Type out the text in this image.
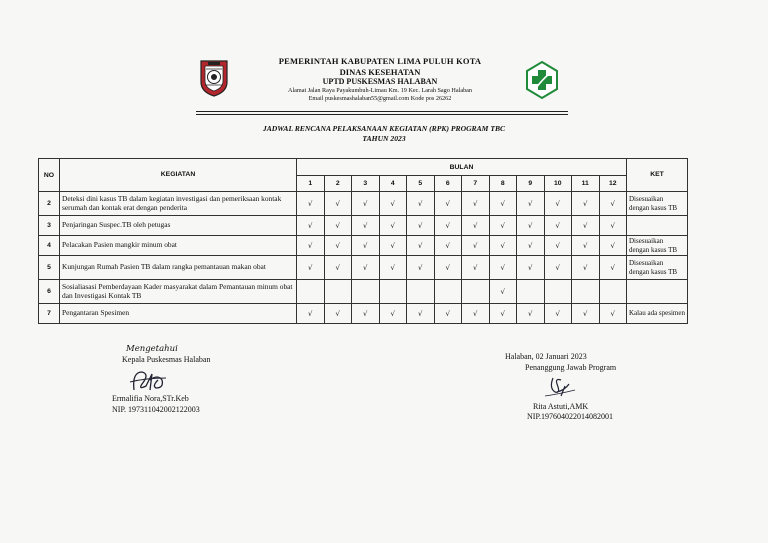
PEMERINTAH KABUPATEN LIMA PULUH KOTA
DINAS KESEHATAN
UPTD PUSKESMAS HALABAN
Alamat Jalan Raya Payakumbuh-Limau Km. 19 Kec. Larah Sago Halaban
Email puskesmashalaban55@gmail.com Kode pos 26262
JADWAL RENCANA PELAKSANAAN KEGIATAN (RPK) PROGRAM TBC
TAHUN 2023
NO	KEGIATAN	BULAN												KET
		1	2	3	4	5	6	7	8	9	10	11	12	
2	Deteksi dini kasus TB dalam kegiatan investigasi dan pemeriksaan kontak serumah dan kontak erat dengan penderita	√	√	√	√	√	√	√	√	√	√	√	√	Disesuaikan dengan kasus TB
3	Penjaringan Suspec.TB oleh petugas	√	√	√	√	√	√	√	√	√	√	√	√	
4	Pelacakan Pasien mangkir minum obat	√	√	√	√	√	√	√	√	√	√	√	√	Disesuaikan dengan kasus TB
5	Kunjungan Rumah Pasien TB dalam rangka pemantauan makan obat	√	√	√	√	√	√	√	√	√	√	√	√	Disesuaikan dengan kasus TB
6	Sosialiasasi Pemberdayaan Kader masyarakat dalam Pemantauan minum obat dan Investigasi Kontak TB								√					
7	Pengantaran Spesimen	√	√	√	√	√	√	√	√	√	√	√	√	Kalau ada spesimen
Mengetahui
Kepala Puskesmas Halaban
Ermalifia Nora,STr.Keb
NIP. 197311042002122003
Halaban, 02 Januari 2023
Penanggung Jawab Program
Rita Astuti,AMK
NIP.197604022014082001
